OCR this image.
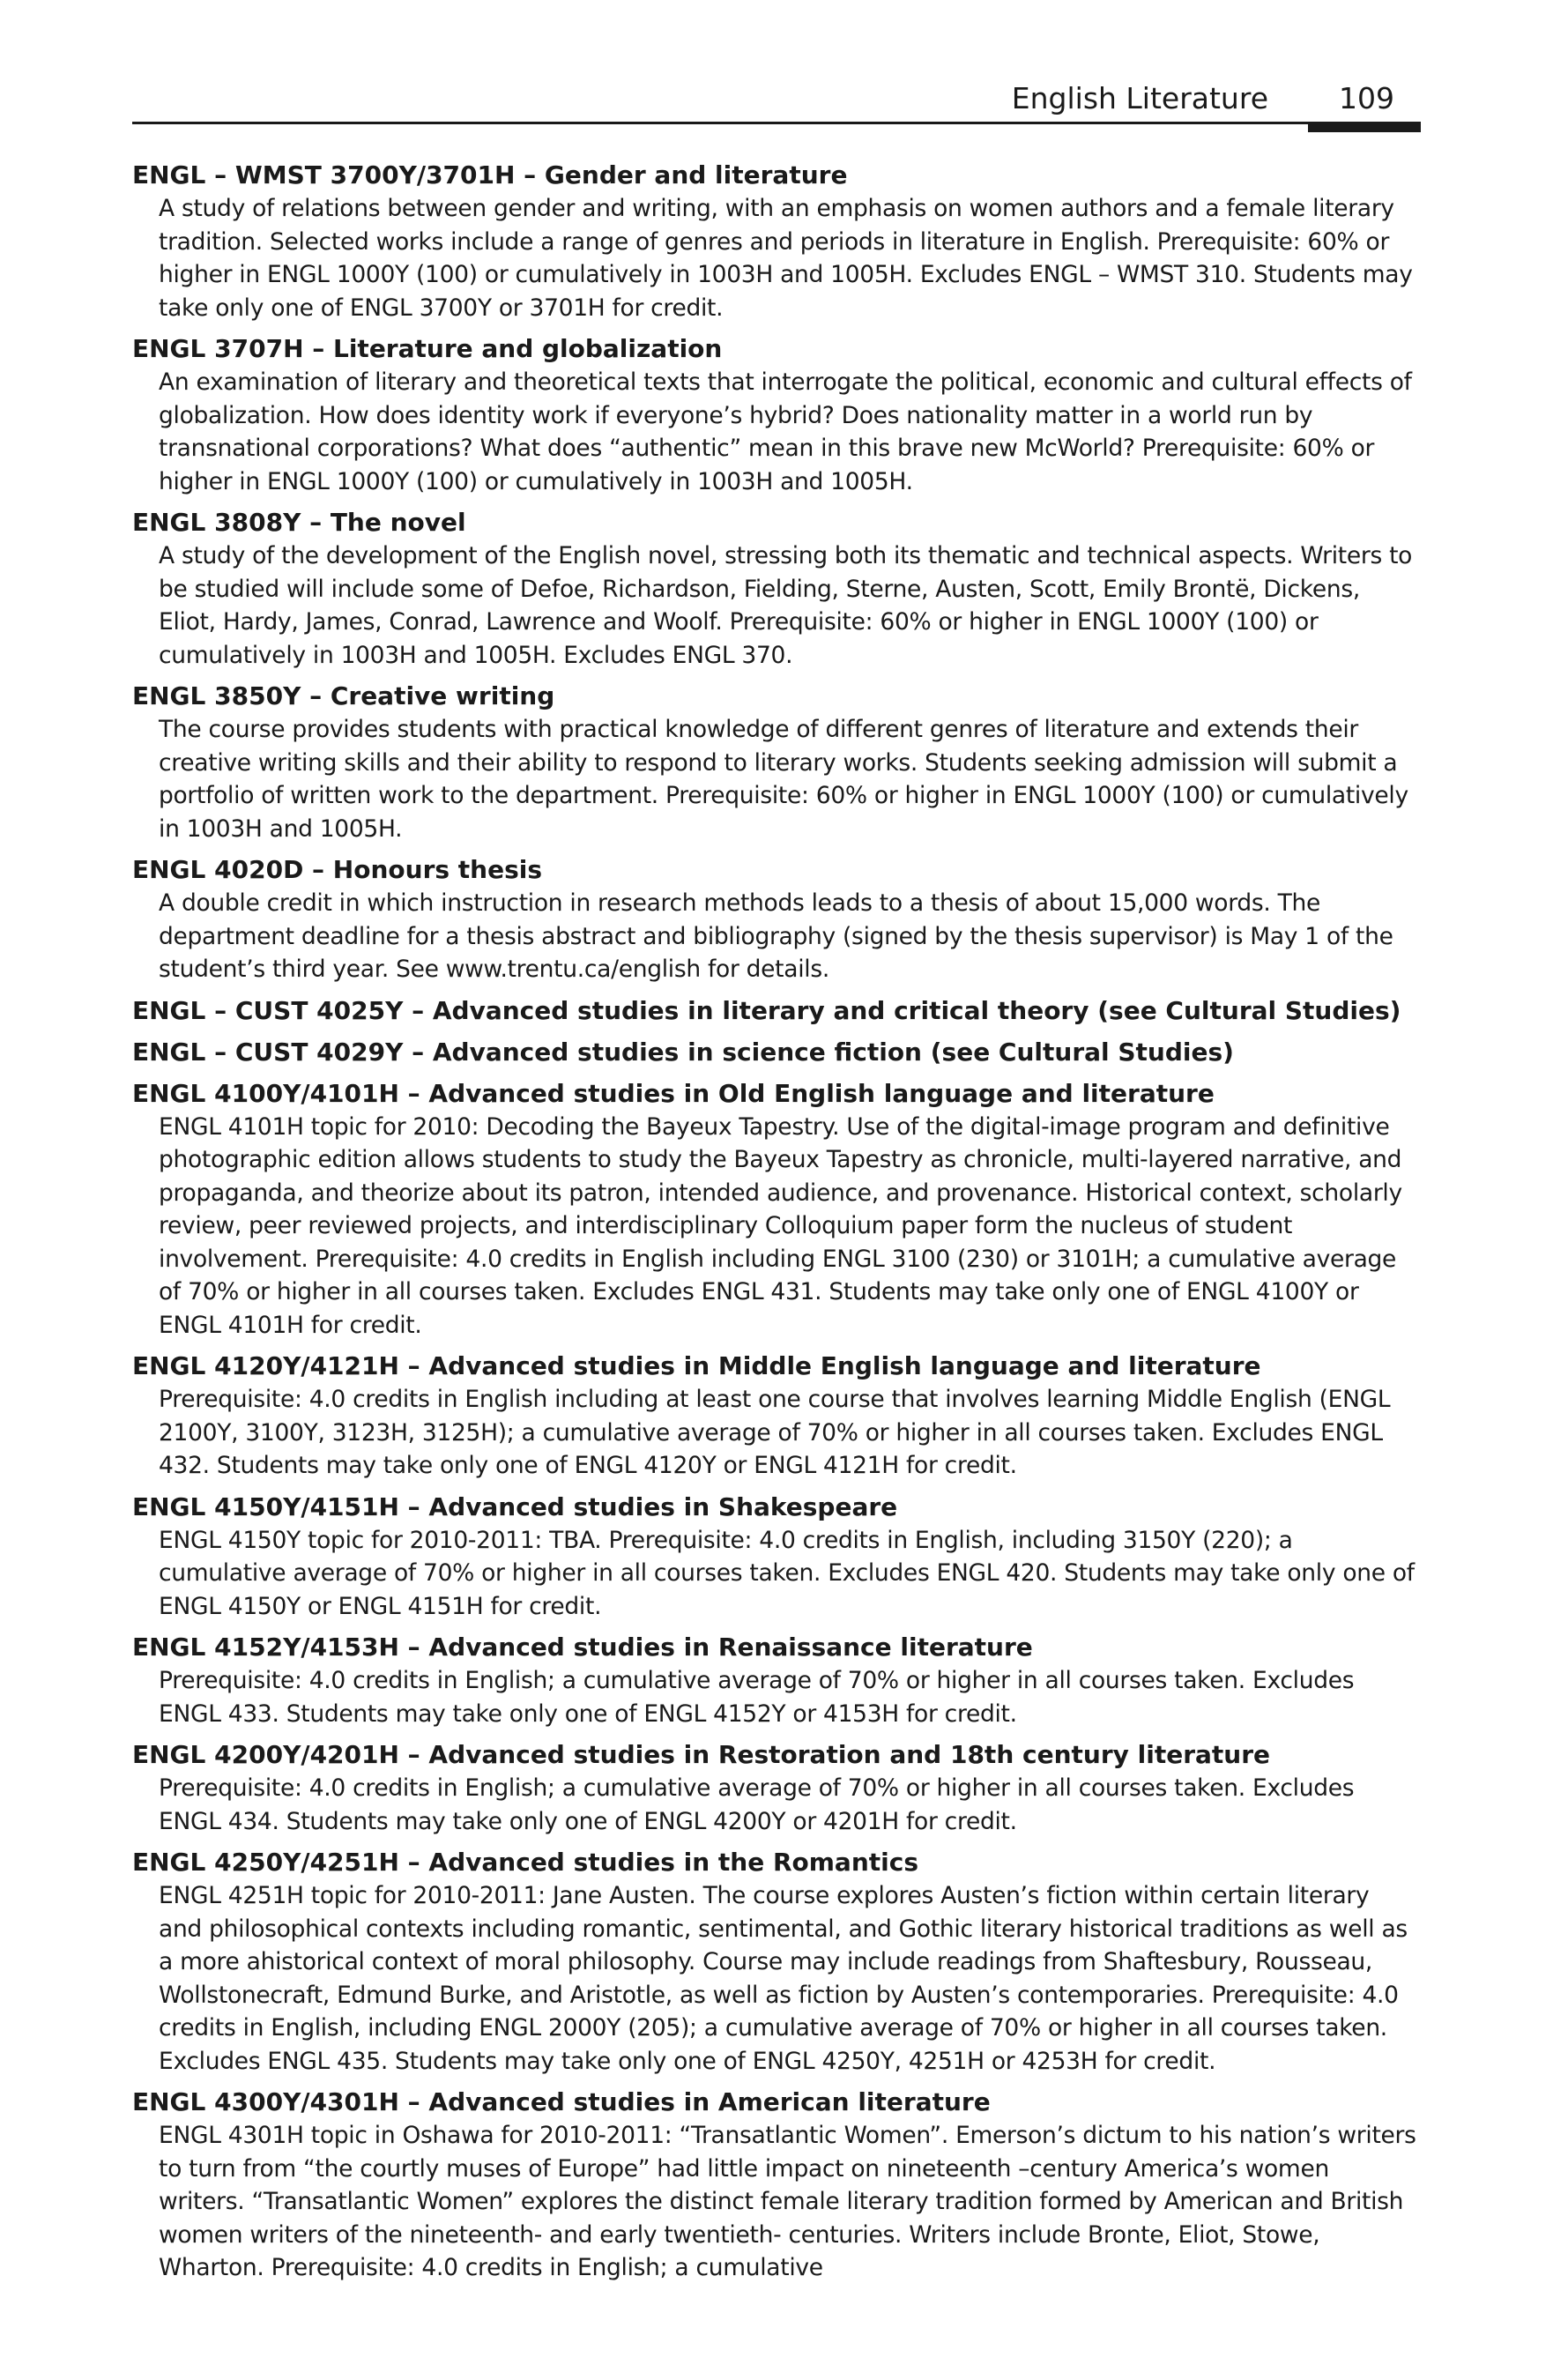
English Literature 109
ENGL – WMST 3700Y/3701H – Gender and literature
A study of relations between gender and writing, with an emphasis on women authors and a female literary tradition. Selected works include a range of genres and periods in literature in English. Prerequisite: 60% or higher in ENGL 1000Y (100) or cumulatively in 1003H and 1005H. Excludes ENGL – WMST 310. Students may take only one of ENGL 3700Y or 3701H for credit.
ENGL 3707H – Literature and globalization
An examination of literary and theoretical texts that interrogate the political, economic and cultural effects of globalization. How does identity work if everyone’s hybrid? Does nationality matter in a world run by transnational corporations? What does “authentic” mean in this brave new McWorld? Prerequisite: 60% or higher in ENGL 1000Y (100) or cumulatively in 1003H and 1005H.
ENGL 3808Y – The novel
A study of the development of the English novel, stressing both its thematic and technical aspects. Writers to be studied will include some of Defoe, Richardson, Fielding, Sterne, Austen, Scott, Emily Brontë, Dickens, Eliot, Hardy, James, Conrad, Lawrence and Woolf. Prerequisite: 60% or higher in ENGL 1000Y (100) or cumulatively in 1003H and 1005H. Excludes ENGL 370.
ENGL 3850Y – Creative writing
The course provides students with practical knowledge of different genres of literature and extends their creative writing skills and their ability to respond to literary works. Students seeking admission will submit a portfolio of written work to the department. Prerequisite: 60% or higher in ENGL 1000Y (100) or cumulatively in 1003H and 1005H.
ENGL 4020D – Honours thesis
A double credit in which instruction in research methods leads to a thesis of about 15,000 words. The department deadline for a thesis abstract and bibliography (signed by the thesis supervisor) is May 1 of the student’s third year. See www.trentu.ca/english for details.
ENGL – CUST 4025Y – Advanced studies in literary and critical theory (see Cultural Studies)
ENGL – CUST 4029Y – Advanced studies in science fiction (see Cultural Studies)
ENGL 4100Y/4101H – Advanced studies in Old English language and literature
ENGL 4101H topic for 2010: Decoding the Bayeux Tapestry. Use of the digital-image program and definitive photographic edition allows students to study the Bayeux Tapestry as chronicle, multi-layered narrative, and propaganda, and theorize about its patron, intended audience, and provenance. Historical context, scholarly review, peer reviewed projects, and interdisciplinary Colloquium paper form the nucleus of student involvement. Prerequisite: 4.0 credits in English including ENGL 3100 (230) or 3101H; a cumulative average of 70% or higher in all courses taken. Excludes ENGL 431. Students may take only one of ENGL 4100Y or ENGL 4101H for credit.
ENGL 4120Y/4121H – Advanced studies in Middle English language and literature
Prerequisite: 4.0 credits in English including at least one course that involves learning Middle English (ENGL 2100Y, 3100Y, 3123H, 3125H); a cumulative average of 70% or higher in all courses taken. Excludes ENGL 432. Students may take only one of ENGL 4120Y or ENGL 4121H for credit.
ENGL 4150Y/4151H – Advanced studies in Shakespeare
ENGL 4150Y topic for 2010-2011: TBA. Prerequisite: 4.0 credits in English, including 3150Y (220); a cumulative average of 70% or higher in all courses taken. Excludes ENGL 420. Students may take only one of ENGL 4150Y or ENGL 4151H for credit.
ENGL 4152Y/4153H – Advanced studies in Renaissance literature
Prerequisite: 4.0 credits in English; a cumulative average of 70% or higher in all courses taken. Excludes ENGL 433. Students may take only one of ENGL 4152Y or 4153H for credit.
ENGL 4200Y/4201H – Advanced studies in Restoration and 18th century literature
Prerequisite: 4.0 credits in English; a cumulative average of 70% or higher in all courses taken. Excludes ENGL 434. Students may take only one of ENGL 4200Y or 4201H for credit.
ENGL 4250Y/4251H – Advanced studies in the Romantics
ENGL 4251H topic for 2010-2011: Jane Austen. The course explores Austen’s fiction within certain literary and philosophical contexts including romantic, sentimental, and Gothic literary historical traditions as well as a more ahistorical context of moral philosophy. Course may include readings from Shaftesbury, Rousseau, Wollstonecraft, Edmund Burke, and Aristotle, as well as fiction by Austen’s contemporaries. Prerequisite: 4.0 credits in English, including ENGL 2000Y (205); a cumulative average of 70% or higher in all courses taken. Excludes ENGL 435. Students may take only one of ENGL 4250Y, 4251H or 4253H for credit.
ENGL 4300Y/4301H – Advanced studies in American literature
ENGL 4301H topic in Oshawa for 2010-2011: “Transatlantic Women”. Emerson’s dictum to his nation’s writers to turn from “the courtly muses of Europe” had little impact on nineteenth –century America’s women writers. “Transatlantic Women” explores the distinct female literary tradition formed by American and British women writers of the nineteenth- and early twentieth- centuries. Writers include Bronte, Eliot, Stowe, Wharton. Prerequisite: 4.0 credits in English; a cumulative
